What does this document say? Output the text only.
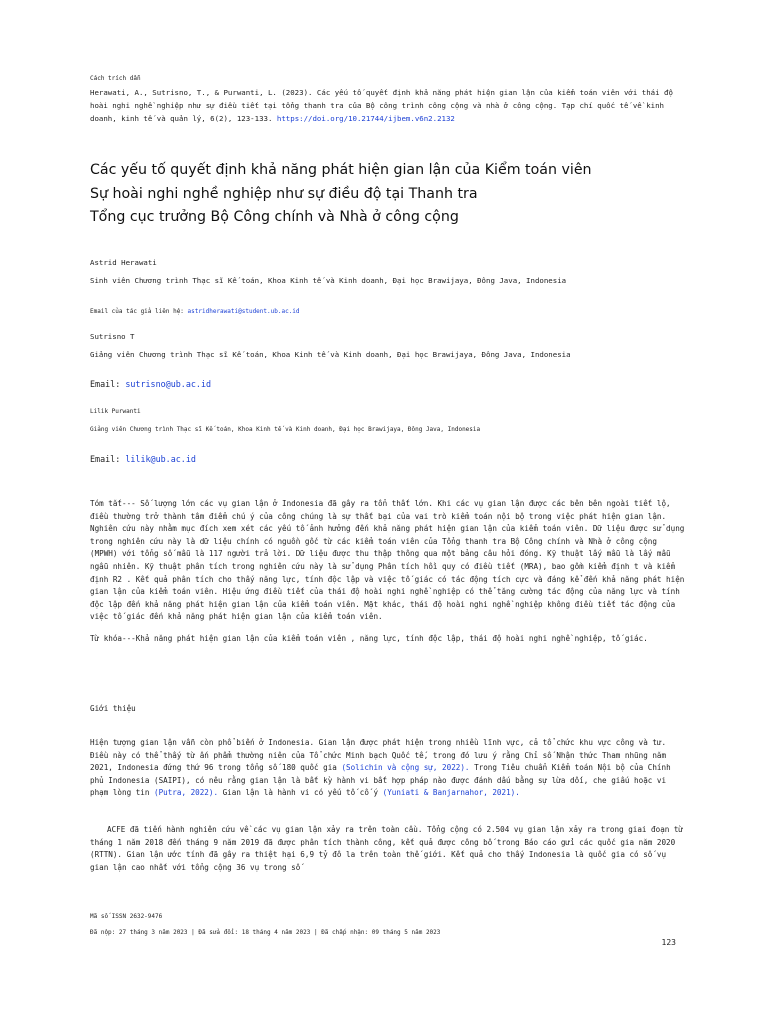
Cách trích dẫn
Herawati, A., Sutrisno, T., & Purwanti, L. (2023). Các yếu tố quyết định khả năng phát hiện gian lận của kiểm toán viên với thái độ hoài nghi nghề nghiệp như sự điều tiết tại tổng thanh tra của Bộ công trình công cộng và nhà ở công cộng. Tạp chí quốc tế về kinh doanh, kinh tế và quản lý, 6(2), 123-133. https://doi.org/10.21744/ijbem.v6n2.2132
Các yếu tố quyết định khả năng phát hiện gian lận của Kiểm toán viên
Sự hoài nghi nghề nghiệp như sự điều độ tại Thanh tra
Tổng cục trưởng Bộ Công chính và Nhà ở công cộng
Astrid Herawati
Sinh viên Chương trình Thạc sĩ Kế toán, Khoa Kinh tế và Kinh doanh, Đại học Brawijaya, Đông Java, Indonesia
Email của tác giả liên hệ: astridherawati@student.ub.ac.id
Sutrisno T
Giảng viên Chương trình Thạc sĩ Kế toán, Khoa Kinh tế và Kinh doanh, Đại học Brawijaya, Đông Java, Indonesia
Email: sutrisno@ub.ac.id
Lilik Purwanti
Giảng viên Chương trình Thạc sĩ Kế toán, Khoa Kinh tế và Kinh doanh, Đại học Brawijaya, Đông Java, Indonesia
Email: lilik@ub.ac.id

Tóm tắt--- Số lượng lớn các vụ gian lận ở Indonesia đã gây ra tổn thất lớn. Khi các vụ gian lận được các bên bên ngoài tiết lộ, điều thường trở thành tâm điểm chú ý của công chúng là sự thất bại của vai trò kiểm toán nội bộ trong việc phát hiện gian lận. Nghiên cứu này nhằm mục đích xem xét các yếu tố ảnh hưởng đến khả năng phát hiện gian lận của kiểm toán viên. Dữ liệu được sử dụng trong nghiên cứu này là dữ liệu chính có nguồn gốc từ các kiểm toán viên của Tổng thanh tra Bộ Công chính và Nhà ở công cộng (MPWH) với tổng số mẫu là 117 người trả lời. Dữ liệu được thu thập thông qua một bảng câu hỏi đóng. Kỹ thuật lấy mẫu là lấy mẫu ngẫu nhiên. Kỹ thuật phân tích trong nghiên cứu này là sử dụng Phân tích hồi quy có điều tiết (MRA), bao gồm kiểm định t và kiểm định R2 . Kết quả phân tích cho thấy năng lực, tính độc lập và việc tố giác có tác động tích cực và đáng kể đến khả năng phát hiện gian lận của kiểm toán viên. Hiệu ứng điều tiết của thái độ hoài nghi nghề nghiệp có thể tăng cường tác động của năng lực và tính độc lập đến khả năng phát hiện gian lận của kiểm toán viên. Mặt khác, thái độ hoài nghi nghề nghiệp không điều tiết tác động của việc tố giác đến khả năng phát hiện gian lận của kiểm toán viên.

Từ khóa---Khả năng phát hiện gian lận của kiểm toán viên , năng lực, tính độc lập, thái độ hoài nghi nghề nghiệp, tố giác.

Giới thiệu

Hiện tượng gian lận vẫn còn phổ biến ở Indonesia. Gian lận được phát hiện trong nhiều lĩnh vực, cả tổ chức khu vực công và tư. Điều này có thể thấy từ ấn phẩm thường niên của Tổ chức Minh bạch Quốc tế, trong đó lưu ý rằng Chỉ số Nhận thức Tham nhũng năm 2021, Indonesia đứng thứ 96 trong tổng số 180 quốc gia (Solichin và cộng sự, 2022). Trong Tiêu chuẩn Kiểm toán Nội bộ của Chính phủ Indonesia (SAIPI), có nêu rằng gian lận là bất kỳ hành vi bất hợp pháp nào được đánh dấu bằng sự lừa dối, che giấu hoặc vi phạm lòng tin (Putra, 2022). Gian lận là hành vi có yếu tố cố ý (Yuniati & Banjarnahor, 2021).

ACFE đã tiến hành nghiên cứu về các vụ gian lận xảy ra trên toàn cầu. Tổng cộng có 2.504 vụ gian lận xảy ra trong giai đoạn từ tháng 1 năm 2018 đến tháng 9 năm 2019 đã được phân tích thành công, kết quả được công bố trong Báo cáo gửi các quốc gia năm 2020 (RTTN). Gian lận ước tính đã gây ra thiệt hại 6,9 tỷ đô la trên toàn thế giới. Kết quả cho thấy Indonesia là quốc gia có số vụ gian lận cao nhất với tổng cộng 36 vụ trong số

Mã số ISSN 2632-9476
Đã nộp: 27 tháng 3 năm 2023 | Đã sửa đổi: 18 tháng 4 năm 2023 | Đã chấp nhận: 09 tháng 5 năm 2023
123
